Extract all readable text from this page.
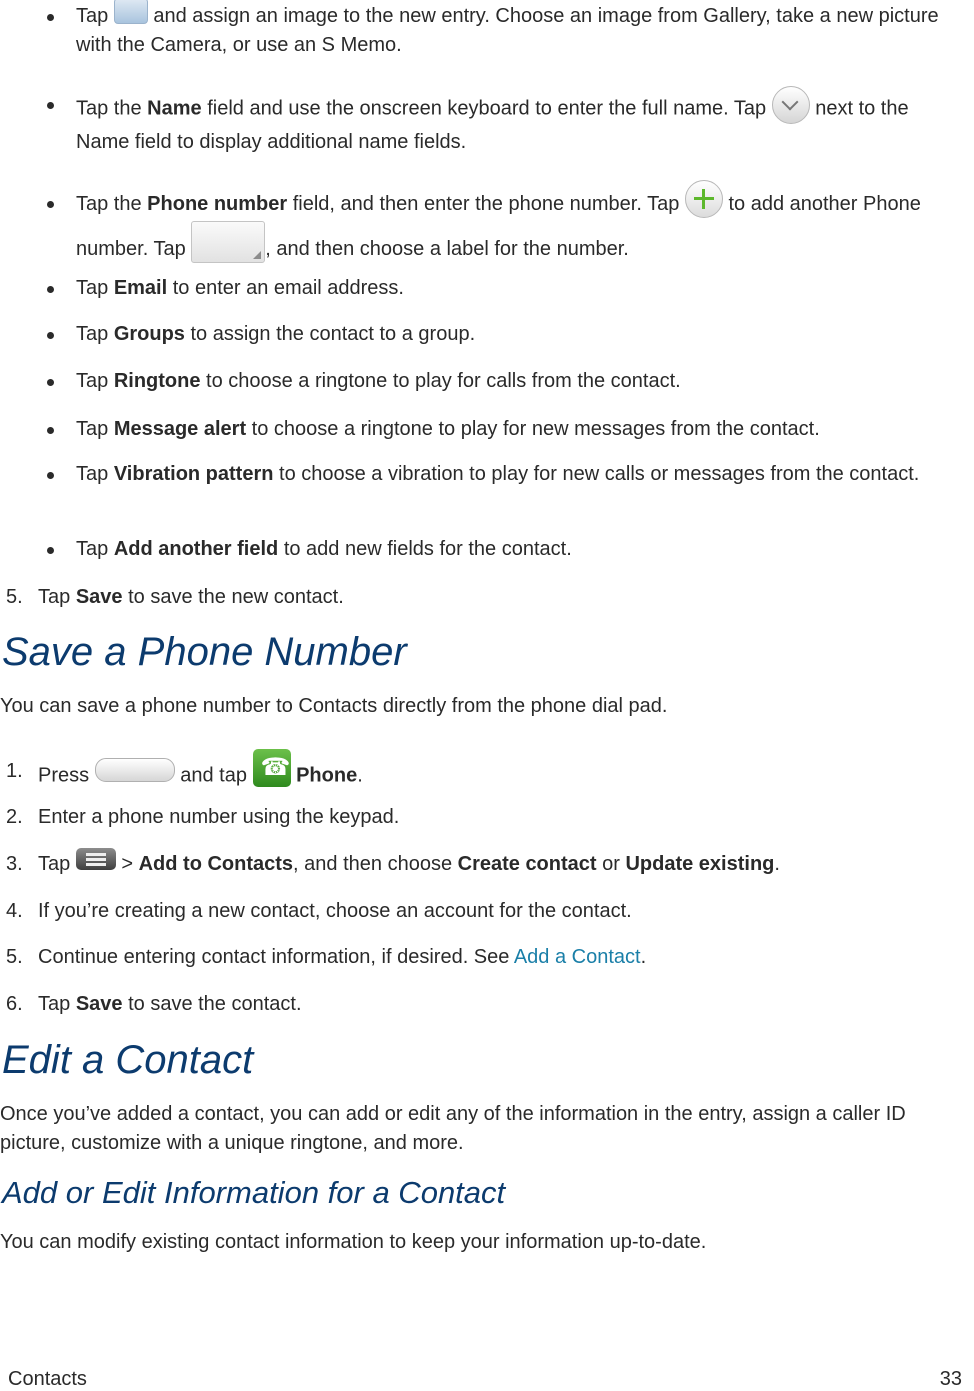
Tap  and assign an image to the new entry. Choose an image from Gallery, take a new picture with the Camera, or use an S Memo.
Tap the Name field and use the onscreen keyboard to enter the full name. Tap  next to the Name field to display additional name fields.
Tap the Phone number field, and then enter the phone number. Tap  to add another Phone number. Tap	, and then choose a label for the number.
Tap Email to enter an email address.
Tap Groups to assign the contact to a group.
Tap Ringtone to choose a ringtone to play for calls from the contact.
Tap Message alert to choose a ringtone to play for new messages from the contact.
Tap Vibration pattern to choose a vibration to play for new calls or messages from the contact.
Tap Add another field to add new fields for the contact.
5. Tap Save to save the new contact.
Save a Phone Number
You can save a phone number to Contacts directly from the phone dial pad.
1. Press	and tap ☎ Phone.
2. Enter a phone number using the keypad.
3. Tap  > Add to Contacts, and then choose Create contact or Update existing.
4. If you’re creating a new contact, choose an account for the contact.
5. Continue entering contact information, if desired. See Add a Contact.
6. Tap Save to save the contact.
Edit a Contact
Once you’ve added a contact, you can add or edit any of the information in the entry, assign a caller ID picture, customize with a unique ringtone, and more.
Add or Edit Information for a Contact
You can modify existing contact information to keep your information up-to-date.
Contacts	33
